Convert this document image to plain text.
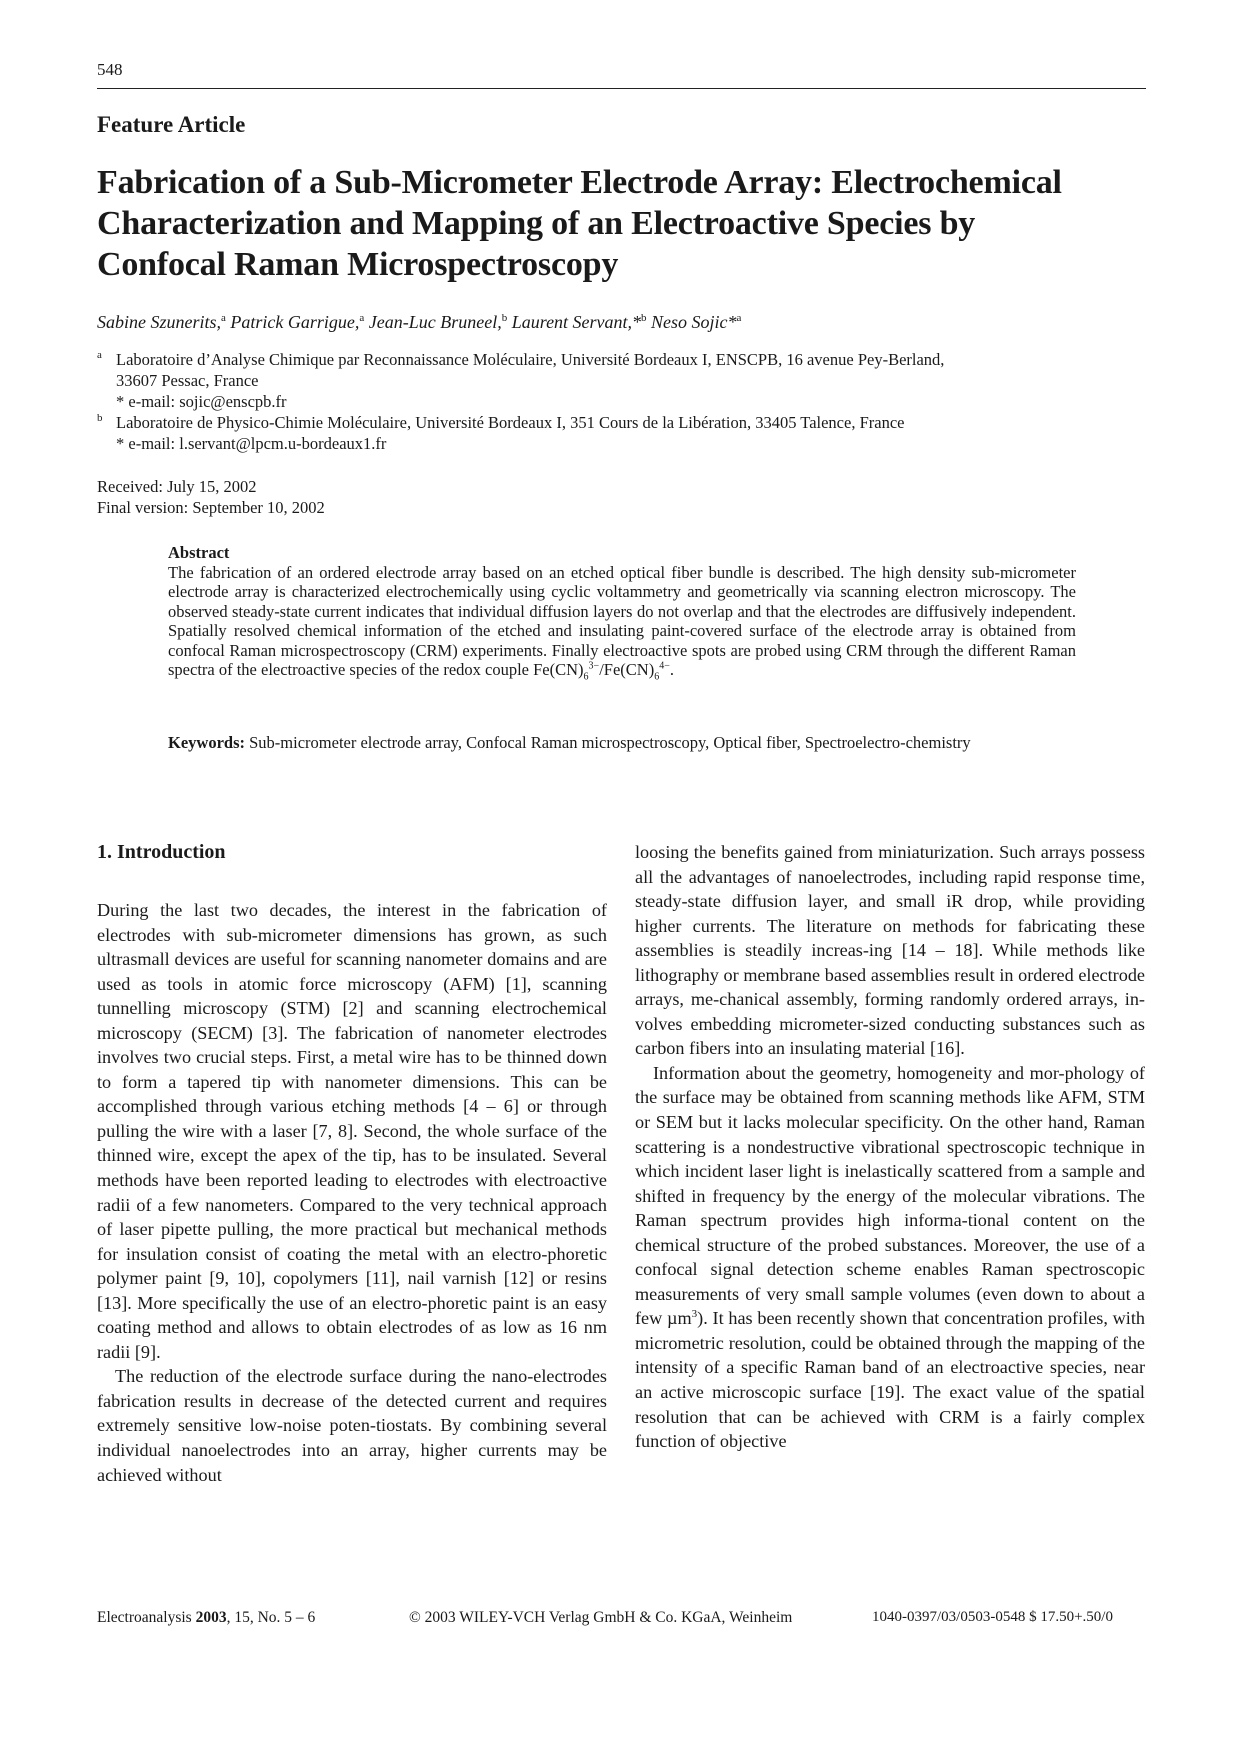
548
Feature Article
Fabrication of a Sub-Micrometer Electrode Array: Electrochemical
Characterization and Mapping of an Electroactive Species by
Confocal Raman Microspectroscopy
Sabine Szunerits,$^a$ Patrick Garrigue,$^a$ Jean-Luc Bruneel,$^b$ Laurent Servant,*$^b$ Neso Sojic*$^a$
a Laboratoire d’Analyse Chimique par Reconnaissance Moléculaire, Université Bordeaux I, ENSCPB, 16 avenue Pey-Berland,
33607 Pessac, France
* e-mail: sojic@enscpb.fr
b Laboratoire de Physico-Chimie Moléculaire, Université Bordeaux I, 351 Cours de la Libération, 33405 Talence, France
* e-mail: l.servant@lpcm.u-bordeaux1.fr
Received: July 15, 2002
Final version: September 10, 2002
Abstract
The fabrication of an ordered electrode array based on an etched optical fiber bundle is described. The high density sub-micrometer electrode array is characterized electrochemically using cyclic voltammetry and geometrically via scanning electron microscopy. The observed steady-state current indicates that individual diffusion layers do not overlap and that the electrodes are diffusively independent. Spatially resolved chemical information of the etched and insulating paint-covered surface of the electrode array is obtained from confocal Raman microspectroscopy (CRM) experiments. Finally electroactive spots are probed using CRM through the different Raman spectra of the electroactive species of the redox couple $Fe(CN)_6^{3-}/Fe(CN)_6^{4-}$.
Keywords: Sub-micrometer electrode array, Confocal Raman microspectroscopy, Optical fiber, Spectroelectro-chemistry
1. Introduction

During the last two decades, the interest in the fabrication of electrodes with sub-micrometer dimensions has grown, as such ultrasmall devices are useful for scanning nanometer domains and are used as tools in atomic force microscopy (AFM) [1], scanning tunnelling microscopy (STM) [2] and scanning electrochemical microscopy (SECM) [3]. The fabrication of nanometer electrodes involves two crucial steps. First, a metal wire has to be thinned down to form a tapered tip with nanometer dimensions. This can be accomplished through various etching methods [4 – 6] or through pulling the wire with a laser [7, 8]. Second, the whole surface of the thinned wire, except the apex of the tip, has to be insulated. Several methods have been reported leading to electrodes with electroactive radii of a few nanometers. Compared to the very technical approach of laser pipette pulling, the more practical but mechanical methods for insulation consist of coating the metal with an electro-phoretic polymer paint [9, 10], copolymers [11], nail varnish [12] or resins [13]. More specifically the use of an electro-phoretic paint is an easy coating method and allows to obtain electrodes of as low as 16 nm radii [9].

The reduction of the electrode surface during the nano-electrodes fabrication results in decrease of the detected current and requires extremely sensitive low-noise poten-tiostats. By combining several individual nanoelectrodes into an array, higher currents may be achieved without

loosing the benefits gained from miniaturization. Such arrays possess all the advantages of nanoelectrodes, including rapid response time, steady-state diffusion layer, and small iR drop, while providing higher currents. The literature on methods for fabricating these assemblies is steadily increas-ing [14 – 18]. While methods like lithography or membrane based assemblies result in ordered electrode arrays, me-chanical assembly, forming randomly ordered arrays, in-volves embedding micrometer-sized conducting substances such as carbon fibers into an insulating material [16].

Information about the geometry, homogeneity and mor-phology of the surface may be obtained from scanning methods like AFM, STM or SEM but it lacks molecular specificity. On the other hand, Raman scattering is a nondestructive vibrational spectroscopic technique in which incident laser light is inelastically scattered from a sample and shifted in frequency by the energy of the molecular vibrations. The Raman spectrum provides high informa-tional content on the chemical structure of the probed substances. Moreover, the use of a confocal signal detection scheme enables Raman spectroscopic measurements of very small sample volumes (even down to about a few µm$^3$). It has been recently shown that concentration profiles, with micrometric resolution, could be obtained through the mapping of the intensity of a specific Raman band of an electroactive species, near an active microscopic surface [19]. The exact value of the spatial resolution that can be achieved with CRM is a fairly complex function of objective

Electroanalysis 2003, 15, No. 5 – 6	© 2003 WILEY-VCH Verlag GmbH & Co. KGaA, Weinheim	1040-0397/03/0503-0548 $ 17.50+.50/0
